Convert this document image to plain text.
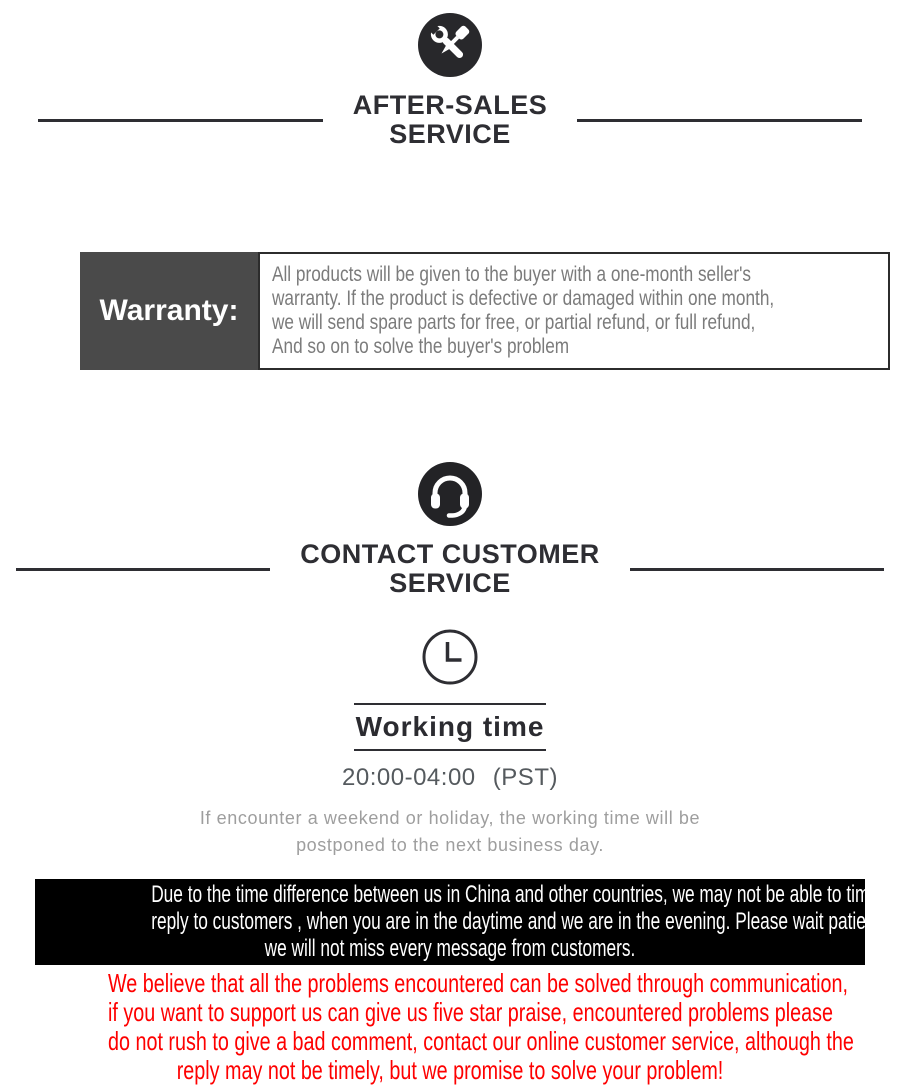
AFTER-SALES
SERVICE
Warranty:
All products will be given to the buyer with a one-month seller's
warranty. If the product is defective or damaged within one month,
we will send spare parts for free, or partial refund, or full refund,
And so on to solve the buyer's problem
CONTACT CUSTOMER
SERVICE
Working time
20:00-04:00 (PST)
If encounter a weekend or holiday, the working time will be
postponed to the next business day.
Due to the time difference between us in China and other countries, we may not be able to timely
reply to customers , when you are in the daytime and we are in the evening. Please wait patiently,
we will not miss every message from customers.
We believe that all the problems encountered can be solved through communication,
if you want to support us can give us five star praise, encountered problems please
do not rush to give a bad comment, contact our online customer service, although the
reply may not be timely, but we promise to solve your problem!
